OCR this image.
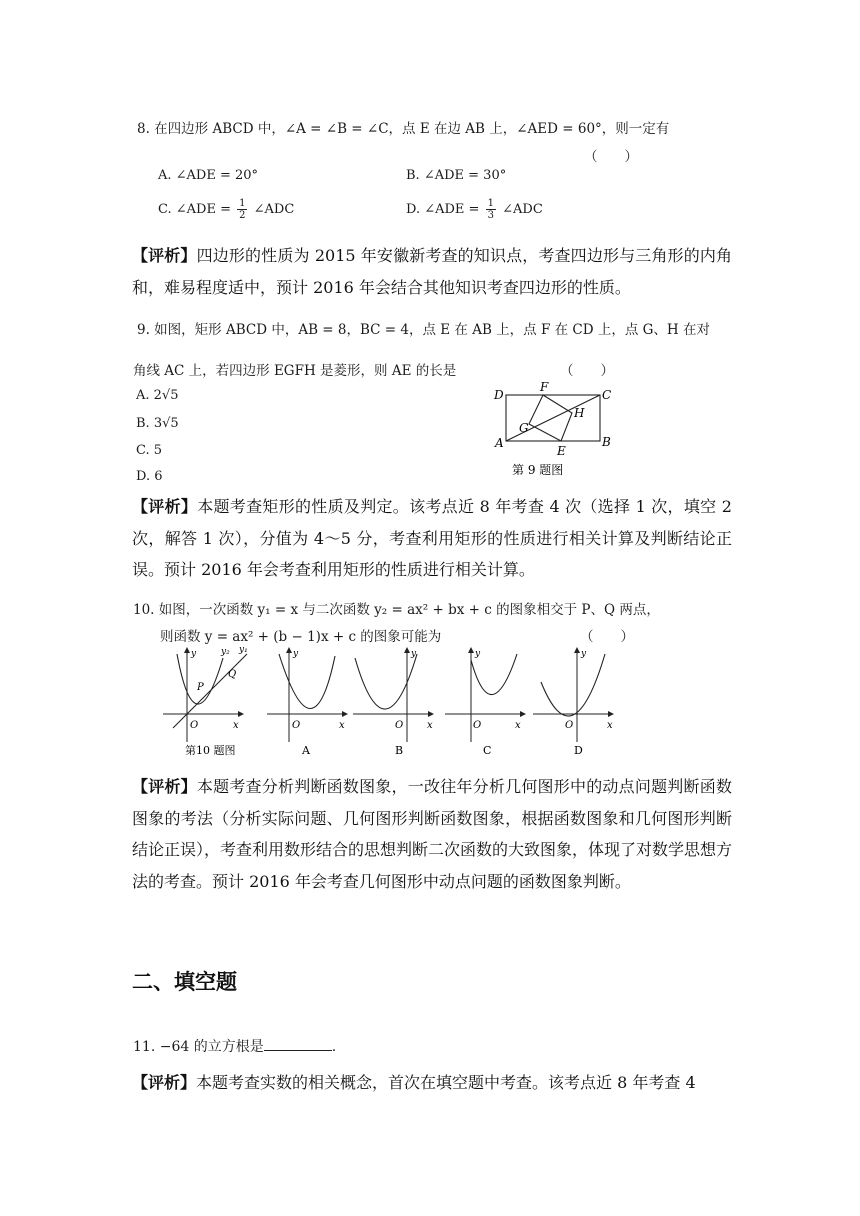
8. 在四边形 ABCD 中，∠A = ∠B = ∠C，点 E 在边 AB 上，∠AED = 60°，则一定有
（　　）
A. ∠ADE = 20°	B. ∠ADE = 30°
C. ∠ADE = $\frac{1}{2}$ ∠ADC	D. ∠ADE = $\frac{1}{3}$ ∠ADC
【评析】四边形的性质为 2015 年安徽新考查的知识点，考查四边形与三角形的内角和，难易程度适中，预计 2016 年会结合其他知识考查四边形的性质。
9. 如图，矩形 ABCD 中，AB = 8，BC = 4，点 E 在 AB 上，点 F 在 CD 上，点 G、H 在对
角线 AC 上，若四边形 EGFH 是菱形，则 AE 的长是	（　　）
A. 2√5
B. 3√5
C. 5
D. 6
D
F
C
H
G
A
E
B
第 9 题图
【评析】本题考查矩形的性质及判定。该考点近 8 年考查 4 次（选择 1 次，填空 2 次，解答 1 次），分值为 4～5 分，考查利用矩形的性质进行相关计算及判断结论正误。预计 2016 年会考查利用矩形的性质进行相关计算。
10. 如图，一次函数 y₁ = x 与二次函数 y₂ = ax² + bx + c 的图象相交于 P、Q 两点，
则函数 y = ax² + (b − 1)x + c 的图象可能为	（　　）
y	y₂ y₁
P
Q
O	x
第10 题图
y
O	x
A
y
O x
B
y
O	x
C
y
O	x
D
【评析】本题考查分析判断函数图象，一改往年分析几何图形中的动点问题判断函数图象的考法（分析实际问题、几何图形判断函数图象，根据函数图象和几何图形判断结论正误），考查利用数形结合的思想判断二次函数的大致图象，体现了对数学思想方法的考查。预计 2016 年会考查几何图形中动点问题的函数图象判断。
二、填空题
11. −64 的立方根是	.
【评析】本题考查实数的相关概念，首次在填空题中考查。该考点近 8 年考查 4
